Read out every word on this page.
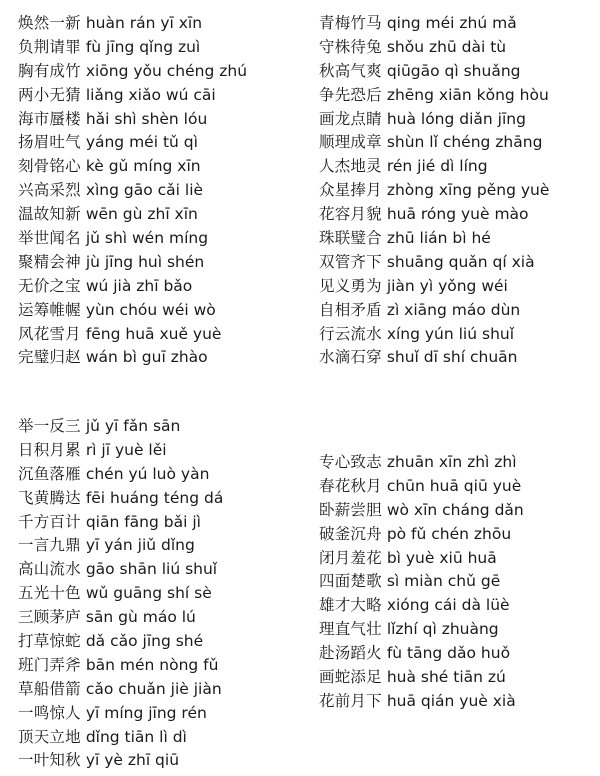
焕然一新 huàn rán yī xīn
负荆请罪 fù jīng qǐng zuì
胸有成竹 xiōng yǒu chéng zhú
两小无猜 liǎng xiǎo wú cāi
海市蜃楼 hǎi shì shèn lóu
扬眉吐气 yáng méi tǔ qì
刻骨铭心 kè gǔ míng xīn
兴高采烈 xìng gāo cǎi liè
温故知新 wēn gù zhī xīn
举世闻名 jǔ shì wén míng
聚精会神 jù jīng huì shén
无价之宝 wú jià zhī bǎo
运筹帷幄 yùn chóu wéi wò
风花雪月 fēng huā xuě yuè
完璧归赵 wán bì guī zhào
青梅竹马 qing méi zhú mǎ
守株待兔 shǒu zhū dài tù
秋高气爽 qiūgāo qì shuǎng
争先恐后 zhēng xiān kǒng hòu
画龙点睛 huà lóng diǎn jīng
顺理成章 shùn lǐ chéng zhāng
人杰地灵 rén jié dì líng
众星捧月 zhòng xīng pěng yuè
花容月貌 huā róng yuè mào
珠联璧合 zhū lián bì hé
双管齐下 shuāng quǎn qí xià
见义勇为 jiàn yì yǒng wéi
自相矛盾 zì xiāng máo dùn
行云流水 xíng yún liú shuǐ
水滴石穿 shuǐ dī shí chuān
举一反三 jǔ yī fǎn sān
日积月累 rì jī yuè lěi
沉鱼落雁 chén yú luò yàn
飞黄腾达 fēi huáng téng dá
千方百计 qiān fāng bǎi jì
一言九鼎 yī yán jiǔ dǐng
高山流水 gāo shān liú shuǐ
五光十色 wǔ guāng shí sè
三顾茅庐 sān gù máo lú
打草惊蛇 dǎ cǎo jīng shé
班门弄斧 bān mén nòng fǔ
草船借箭 cǎo chuǎn jiè jiàn
一鸣惊人 yī míng jīng rén
顶天立地 dǐng tiān lì dì
一叶知秋 yī yè zhī qiū
专心致志 zhuān xīn zhì zhì
春花秋月 chūn huā qiū yuè
卧薪尝胆 wò xīn cháng dǎn
破釜沉舟 pò fǔ chén zhōu
闭月羞花 bì yuè xiū huā
四面楚歌 sì miàn chǔ gē
雄才大略 xióng cái dà lüè
理直气壮 lǐzhí qì zhuàng
赴汤蹈火 fù tāng dǎo huǒ
画蛇添足 huà shé tiān zú
花前月下 huā qián yuè xià
